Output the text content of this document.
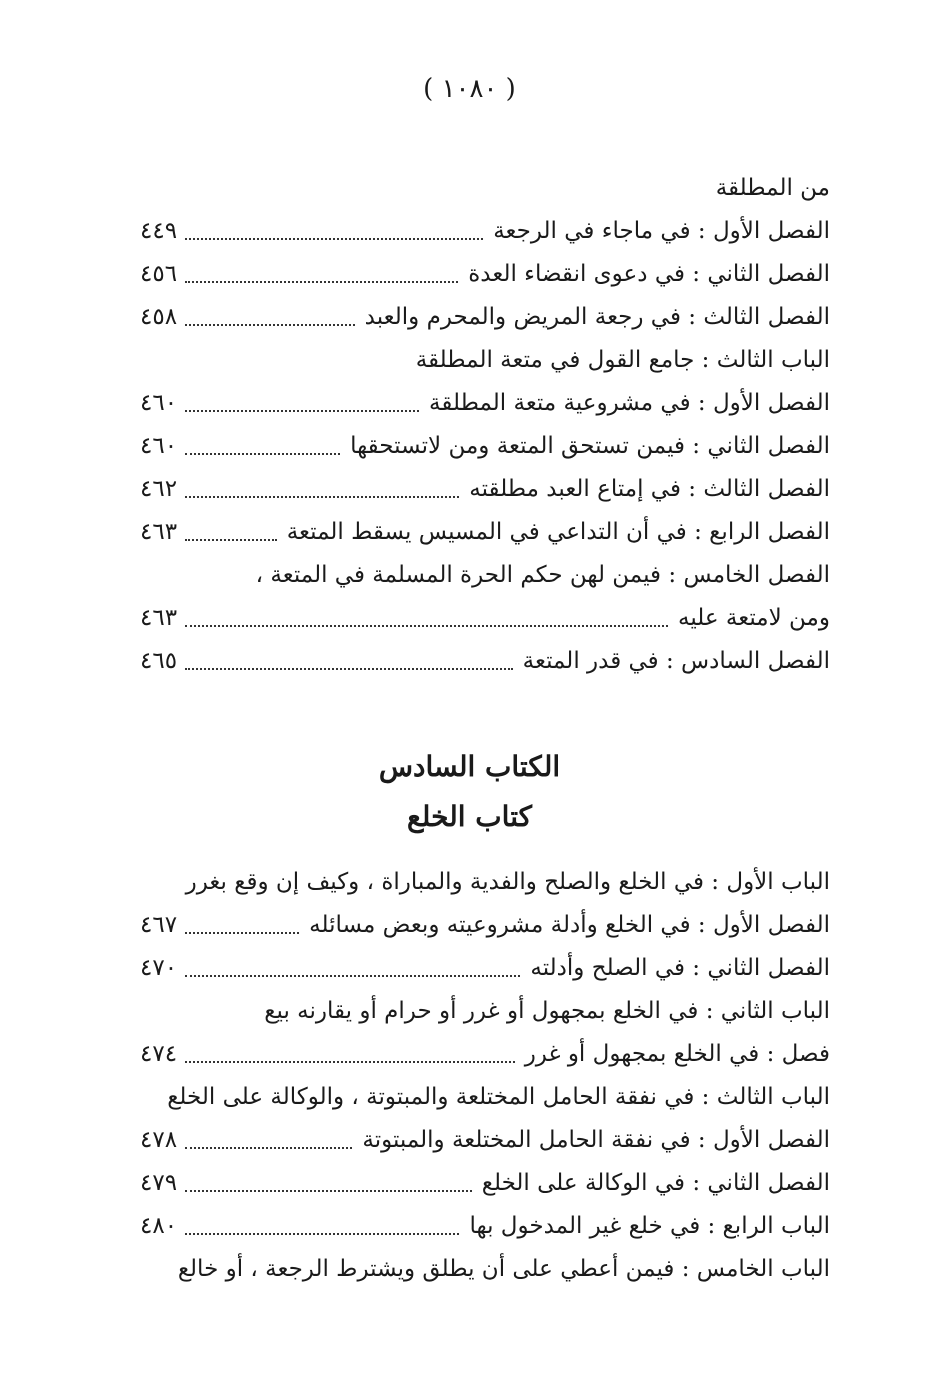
( ١٠٨٠ )
من المطلقة
الفصل الأول : في ماجاء في الرجعة
٤٤٩
الفصل الثاني : في دعوى انقضاء العدة
٤٥٦
الفصل الثالث : في رجعة المريض والمحرم والعبد
٤٥٨
الباب الثالث : جامع القول في متعة المطلقة
الفصل الأول : في مشروعية متعة المطلقة
٤٦٠
الفصل الثاني : فيمن تستحق المتعة ومن لاتستحقها
٤٦٠
الفصل الثالث : في إمتاع العبد مطلقته
٤٦٢
الفصل الرابع : في أن التداعي في المسيس يسقط المتعة
٤٦٣
الفصل الخامس : فيمن لهن حكم الحرة المسلمة في المتعة ،
ومن لامتعة عليه
٤٦٣
الفصل السادس : في قدر المتعة
٤٦٥
الكتاب السادس
كتاب الخلع
الباب الأول : في الخلع والصلح والفدية والمباراة ، وكيف إن وقع بغرر
الفصل الأول : في الخلع وأدلة مشروعيته وبعض مسائله
٤٦٧
الفصل الثاني : في الصلح وأدلته
٤٧٠
الباب الثاني : في الخلع بمجهول أو غرر أو حرام أو يقارنه بيع
فصل : في الخلع بمجهول أو غرر
٤٧٤
الباب الثالث : في نفقة الحامل المختلعة والمبتوتة ، والوكالة على الخلع
الفصل الأول : في نفقة الحامل المختلعة والمبتوتة
٤٧٨
الفصل الثاني : في الوكالة على الخلع
٤٧٩
الباب الرابع : في خلع غير المدخول بها
٤٨٠
الباب الخامس : فيمن أعطي على أن يطلق ويشترط الرجعة ، أو خالع
